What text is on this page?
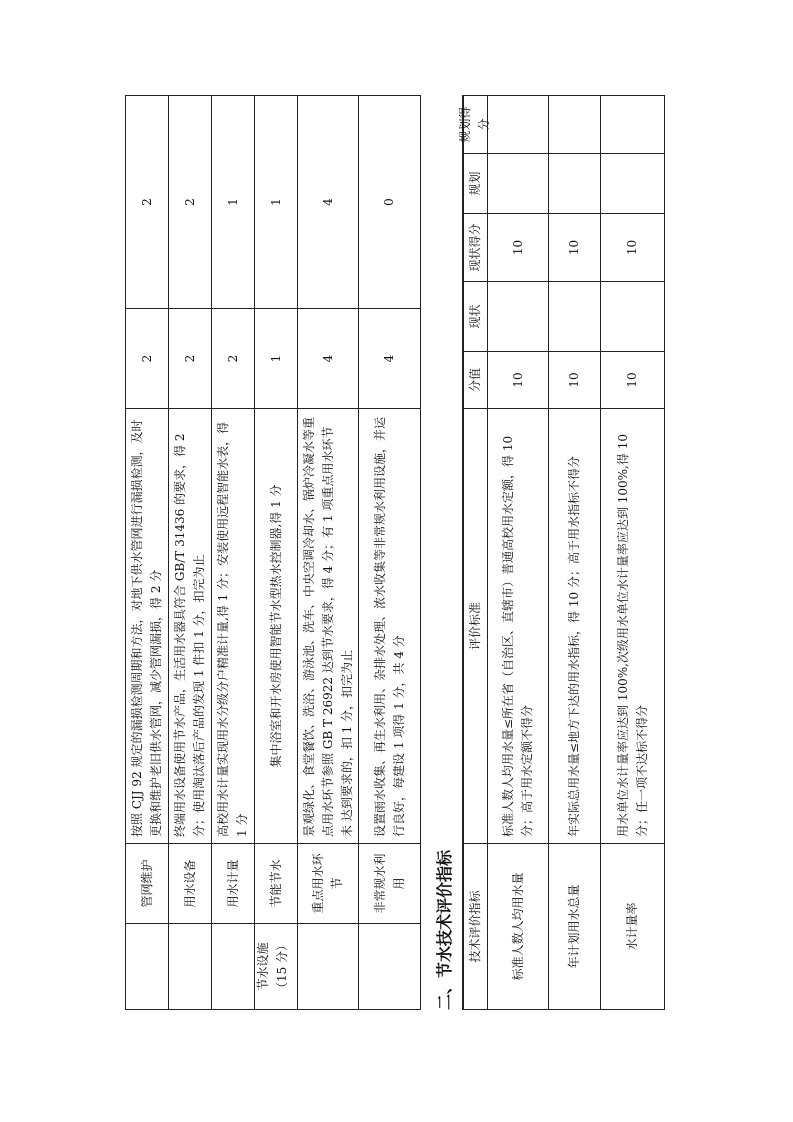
节水设施（15 分）
管网维护
按照 CJJ 92 规定的漏损检测周期和方法，对地下供水管网进行漏损检测，及时更换和维护老旧供水管网，减少管网漏损，得 2 分
2
2
用水设备
终端用水设备使用节水产品，生活用水器具符合 GB/T 31436 的要求，得 2 分；使用淘汰落后产品的发现 1 件扣 1 分，扣完为止
2
2
用水计量
高校用水计量实现用水分级分户精准计量,得 1 分；安装使用远程智能水表，得 1 分
2
1
节能节水
集中浴室和开水房使用智能节水型热水控制器,得 1 分
1
1
重点用水环节
景观绿化、食堂餐饮、洗浴、游泳池、洗车、中央空调冷却水、锅炉冷凝水等重点用水环节参照 GB T 26922 达到节水要求，得 4 分；有 1 项重点用水环节未 达到要求的，扣 1 分，扣完为止
4
4
非常规水利用
设置雨水收集、再生水利用、杂排水处理、浓水收集等非常规水利用设施，并运行良好，每建设 1 项得 1 分，共 4 分
4
0
二、节水技术评价指标 技术评价指标
评价标准
分值
现状
现状得分
规划
规划得分
标准人数人均用水量
标准人数人均用水量≤所在省（自治区、直辖市）普通高校用水定额，得 10 分；高于用水定额不得分
10
10
年计划用水总量
年实际总用水量≤地方下达的用水指标，得 10 分；高于用水指标不得分
10
10
水计量率
用水单位水计量率应达到 100%,次级用水单位水计量率应达到 100%,得 10 分；任一项不达标不得分
10
10
